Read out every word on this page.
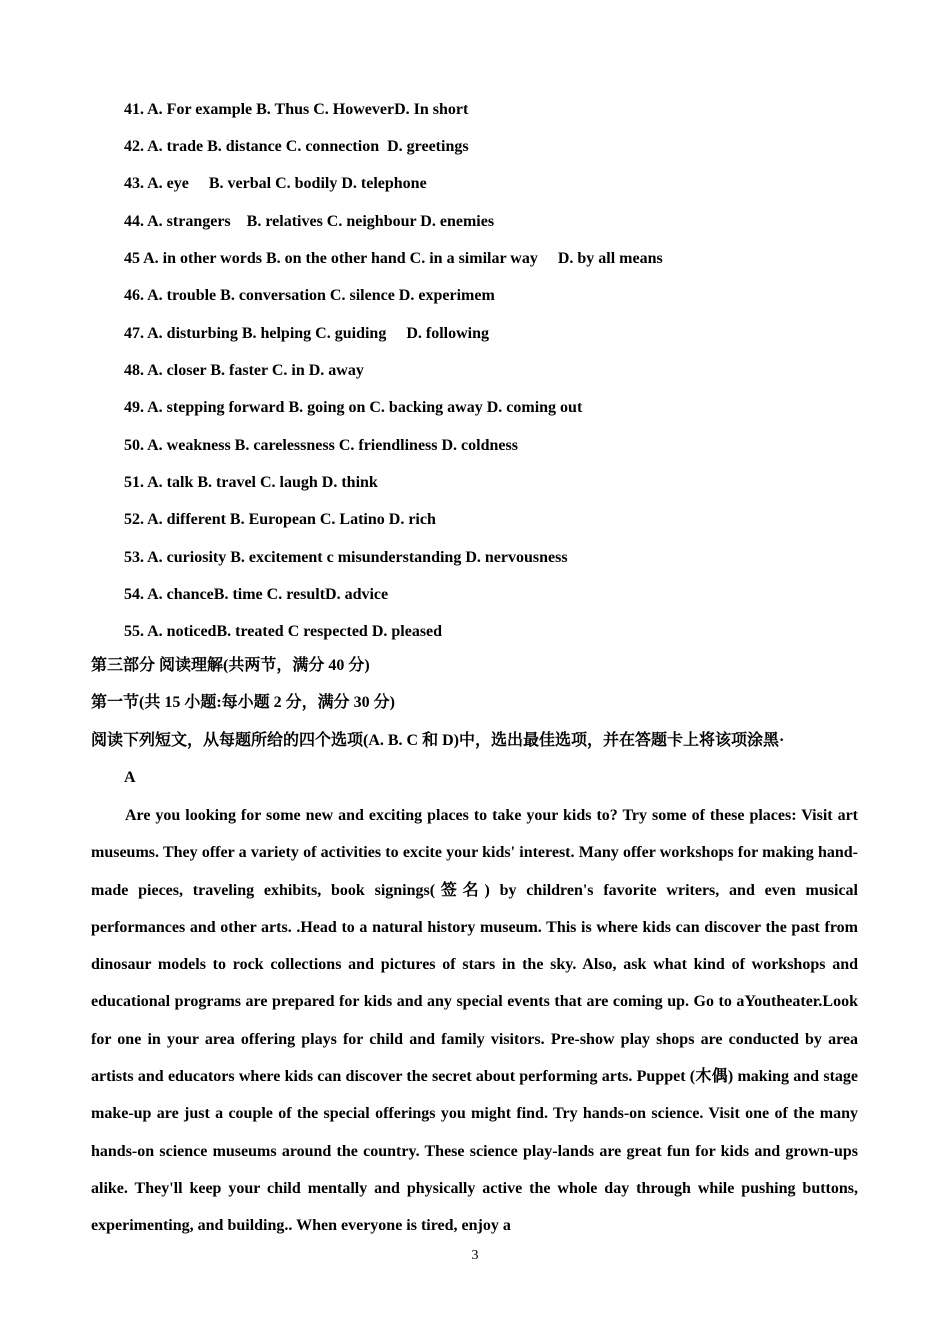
41. A. For example B. Thus C. HoweverD. In short
42. A. trade B. distance C. connection  D. greetings
43. A. eye     B. verbal C. bodily D. telephone
44. A. strangers    B. relatives C. neighbour D. enemies
45 A. in other words B. on the other hand C. in a similar way     D. by all means
46. A. trouble B. conversation C. silence D. experimem
47. A. disturbing B. helping C. guiding     D. following
48. A. closer B. faster C. in D. away
49. A. stepping forward B. going on C. backing away D. coming out
50. A. weakness B. carelessness C. friendliness D. coldness
51. A. talk B. travel C. laugh D. think
52. A. different B. European C. Latino D. rich
53. A. curiosity B. excitement c misunderstanding D. nervousness
54. A. chanceB. time C. resultD. advice
55. A. noticedB. treated C respected D. pleased
第三部分 阅读理解(共两节，满分 40 分)
第一节(共 15 小题:每小题 2 分，满分 30 分)
阅读下列短文，从每题所给的四个选项(A. B. C 和 D)中，选出最佳选项，并在答题卡上将该项涂黑·
A

Are you looking for some new and exciting places to take your kids to? Try some of these places: Visit art museums. They offer a variety of activities to excite your kids' interest. Many offer workshops for making hand-made pieces, traveling exhibits, book signings(签名) by children's favorite writers, and even musical performances and other arts. .Head to a natural history museum. This is where kids can discover the past from dinosaur models to rock collections and pictures of stars in the sky. Also, ask what kind of workshops and educational programs are prepared for kids and any special events that are coming up. Go to aYoutheater.Look for one in your area offering plays for child and family visitors. Pre-show play shops are conducted by area artists and educators where kids can discover the secret about performing arts. Puppet (木偶) making and stage make-up are just a couple of the special offerings you might find. Try hands-on science. Visit one of the many hands-on science museums around the country. These science play-lands are great fun for kids and grown-ups alike. They'll keep your child mentally and physically active the whole day through while pushing buttons, experimenting, and building.. When everyone is tired, enjoy a

3
